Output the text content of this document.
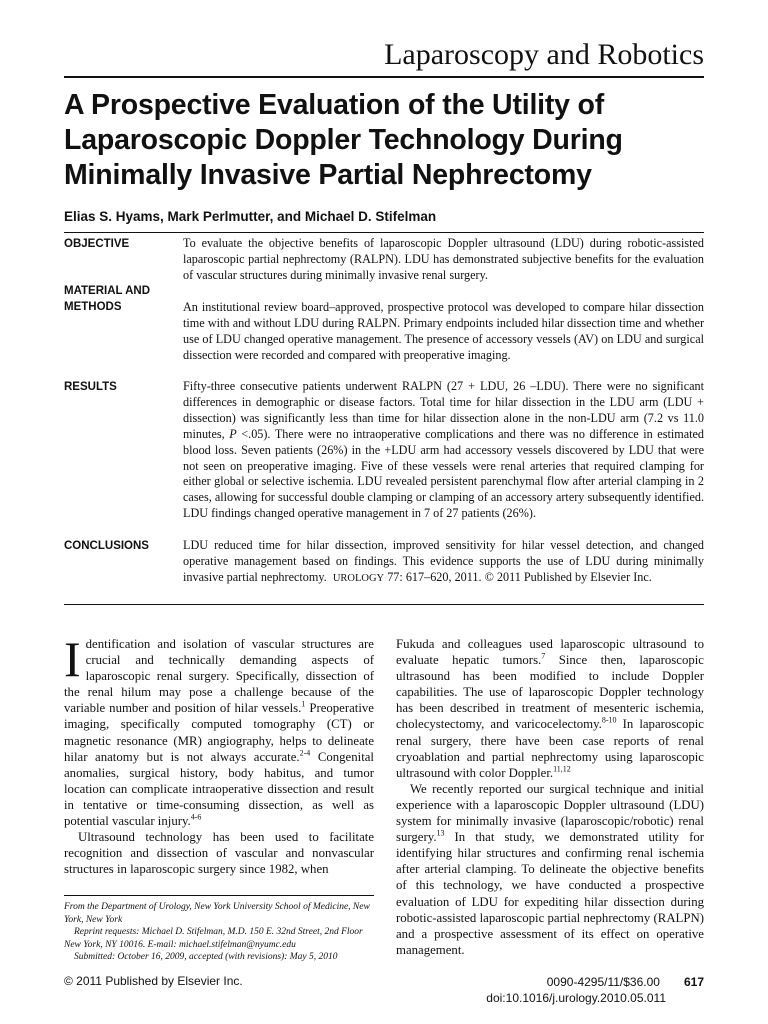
Laparoscopy and Robotics
A Prospective Evaluation of the Utility of Laparoscopic Doppler Technology During Minimally Invasive Partial Nephrectomy
Elias S. Hyams, Mark Perlmutter, and Michael D. Stifelman
OBJECTIVE	To evaluate the objective benefits of laparoscopic Doppler ultrasound (LDU) during robotic-assisted laparoscopic partial nephrectomy (RALPN). LDU has demonstrated subjective benefits for the evaluation of vascular structures during minimally invasive renal surgery.
MATERIAL AND
METHODS	An institutional review board–approved, prospective protocol was developed to compare hilar dissection time with and without LDU during RALPN. Primary endpoints included hilar dissection time and whether use of LDU changed operative management. The presence of accessory vessels (AV) on LDU and surgical dissection were recorded and compared with preoperative imaging.
RESULTS	Fifty-three consecutive patients underwent RALPN (27 + LDU, 26 –LDU). There were no significant differences in demographic or disease factors. Total time for hilar dissection in the LDU arm (LDU + dissection) was significantly less than time for hilar dissection alone in the non-LDU arm (7.2 vs 11.0 minutes, P <.05). There were no intraoperative complications and there was no difference in estimated blood loss. Seven patients (26%) in the +LDU arm had accessory vessels discovered by LDU that were not seen on preoperative imaging. Five of these vessels were renal arteries that required clamping for either global or selective ischemia. LDU revealed persistent parenchymal flow after arterial clamping in 2 cases, allowing for successful double clamping or clamping of an accessory artery subsequently identified. LDU findings changed operative management in 7 of 27 patients (26%).
CONCLUSIONS	LDU reduced time for hilar dissection, improved sensitivity for hilar vessel detection, and changed operative management based on findings. This evidence supports the use of LDU during minimally invasive partial nephrectomy. UROLOGY 77: 617–620, 2011. © 2011 Published by Elsevier Inc.

Identification and isolation of vascular structures are crucial and technically demanding aspects of laparoscopic renal surgery. Specifically, dissection of the renal hilum may pose a challenge because of the variable number and position of hilar vessels.$^1$ Preoperative imaging, specifically computed tomography (CT) or magnetic resonance (MR) angiography, helps to delineate hilar anatomy but is not always accurate.$^{2-4}$ Congenital anomalies, surgical history, body habitus, and tumor location can complicate intraoperative dissection and result in tentative or time-consuming dissection, as well as potential vascular injury.$^{4-6}$

Ultrasound technology has been used to facilitate recognition and dissection of vascular and nonvascular structures in laparoscopic surgery since 1982, when

Fukuda and colleagues used laparoscopic ultrasound to evaluate hepatic tumors.$^7$ Since then, laparoscopic ultrasound has been modified to include Doppler capabilities. The use of laparoscopic Doppler technology has been described in treatment of mesenteric ischemia, cholecystectomy, and varicocelectomy.$^{8-10}$ In laparoscopic renal surgery, there have been case reports of renal cryoablation and partial nephrectomy using laparoscopic ultrasound with color Doppler.$^{11,12}$

We recently reported our surgical technique and initial experience with a laparoscopic Doppler ultrasound (LDU) system for minimally invasive (laparoscopic/robotic) renal surgery.$^{13}$ In that study, we demonstrated utility for identifying hilar structures and confirming renal ischemia after arterial clamping. To delineate the objective benefits of this technology, we have conducted a prospective evaluation of LDU for expediting hilar dissection during robotic-assisted laparoscopic partial nephrectomy (RALPN) and a prospective assessment of its effect on operative management.

From the Department of Urology, New York University School of Medicine, New York, New York

Reprint requests: Michael D. Stifelman, M.D. 150 E. 32nd Street, 2nd Floor New York, NY 10016. E-mail: michael.stifelman@nyumc.edu

Submitted: October 16, 2009, accepted (with revisions): May 5, 2010

© 2011 Published by Elsevier Inc.	0090-4295/11/$36.00 617
doi:10.1016/j.urology.2010.05.011
